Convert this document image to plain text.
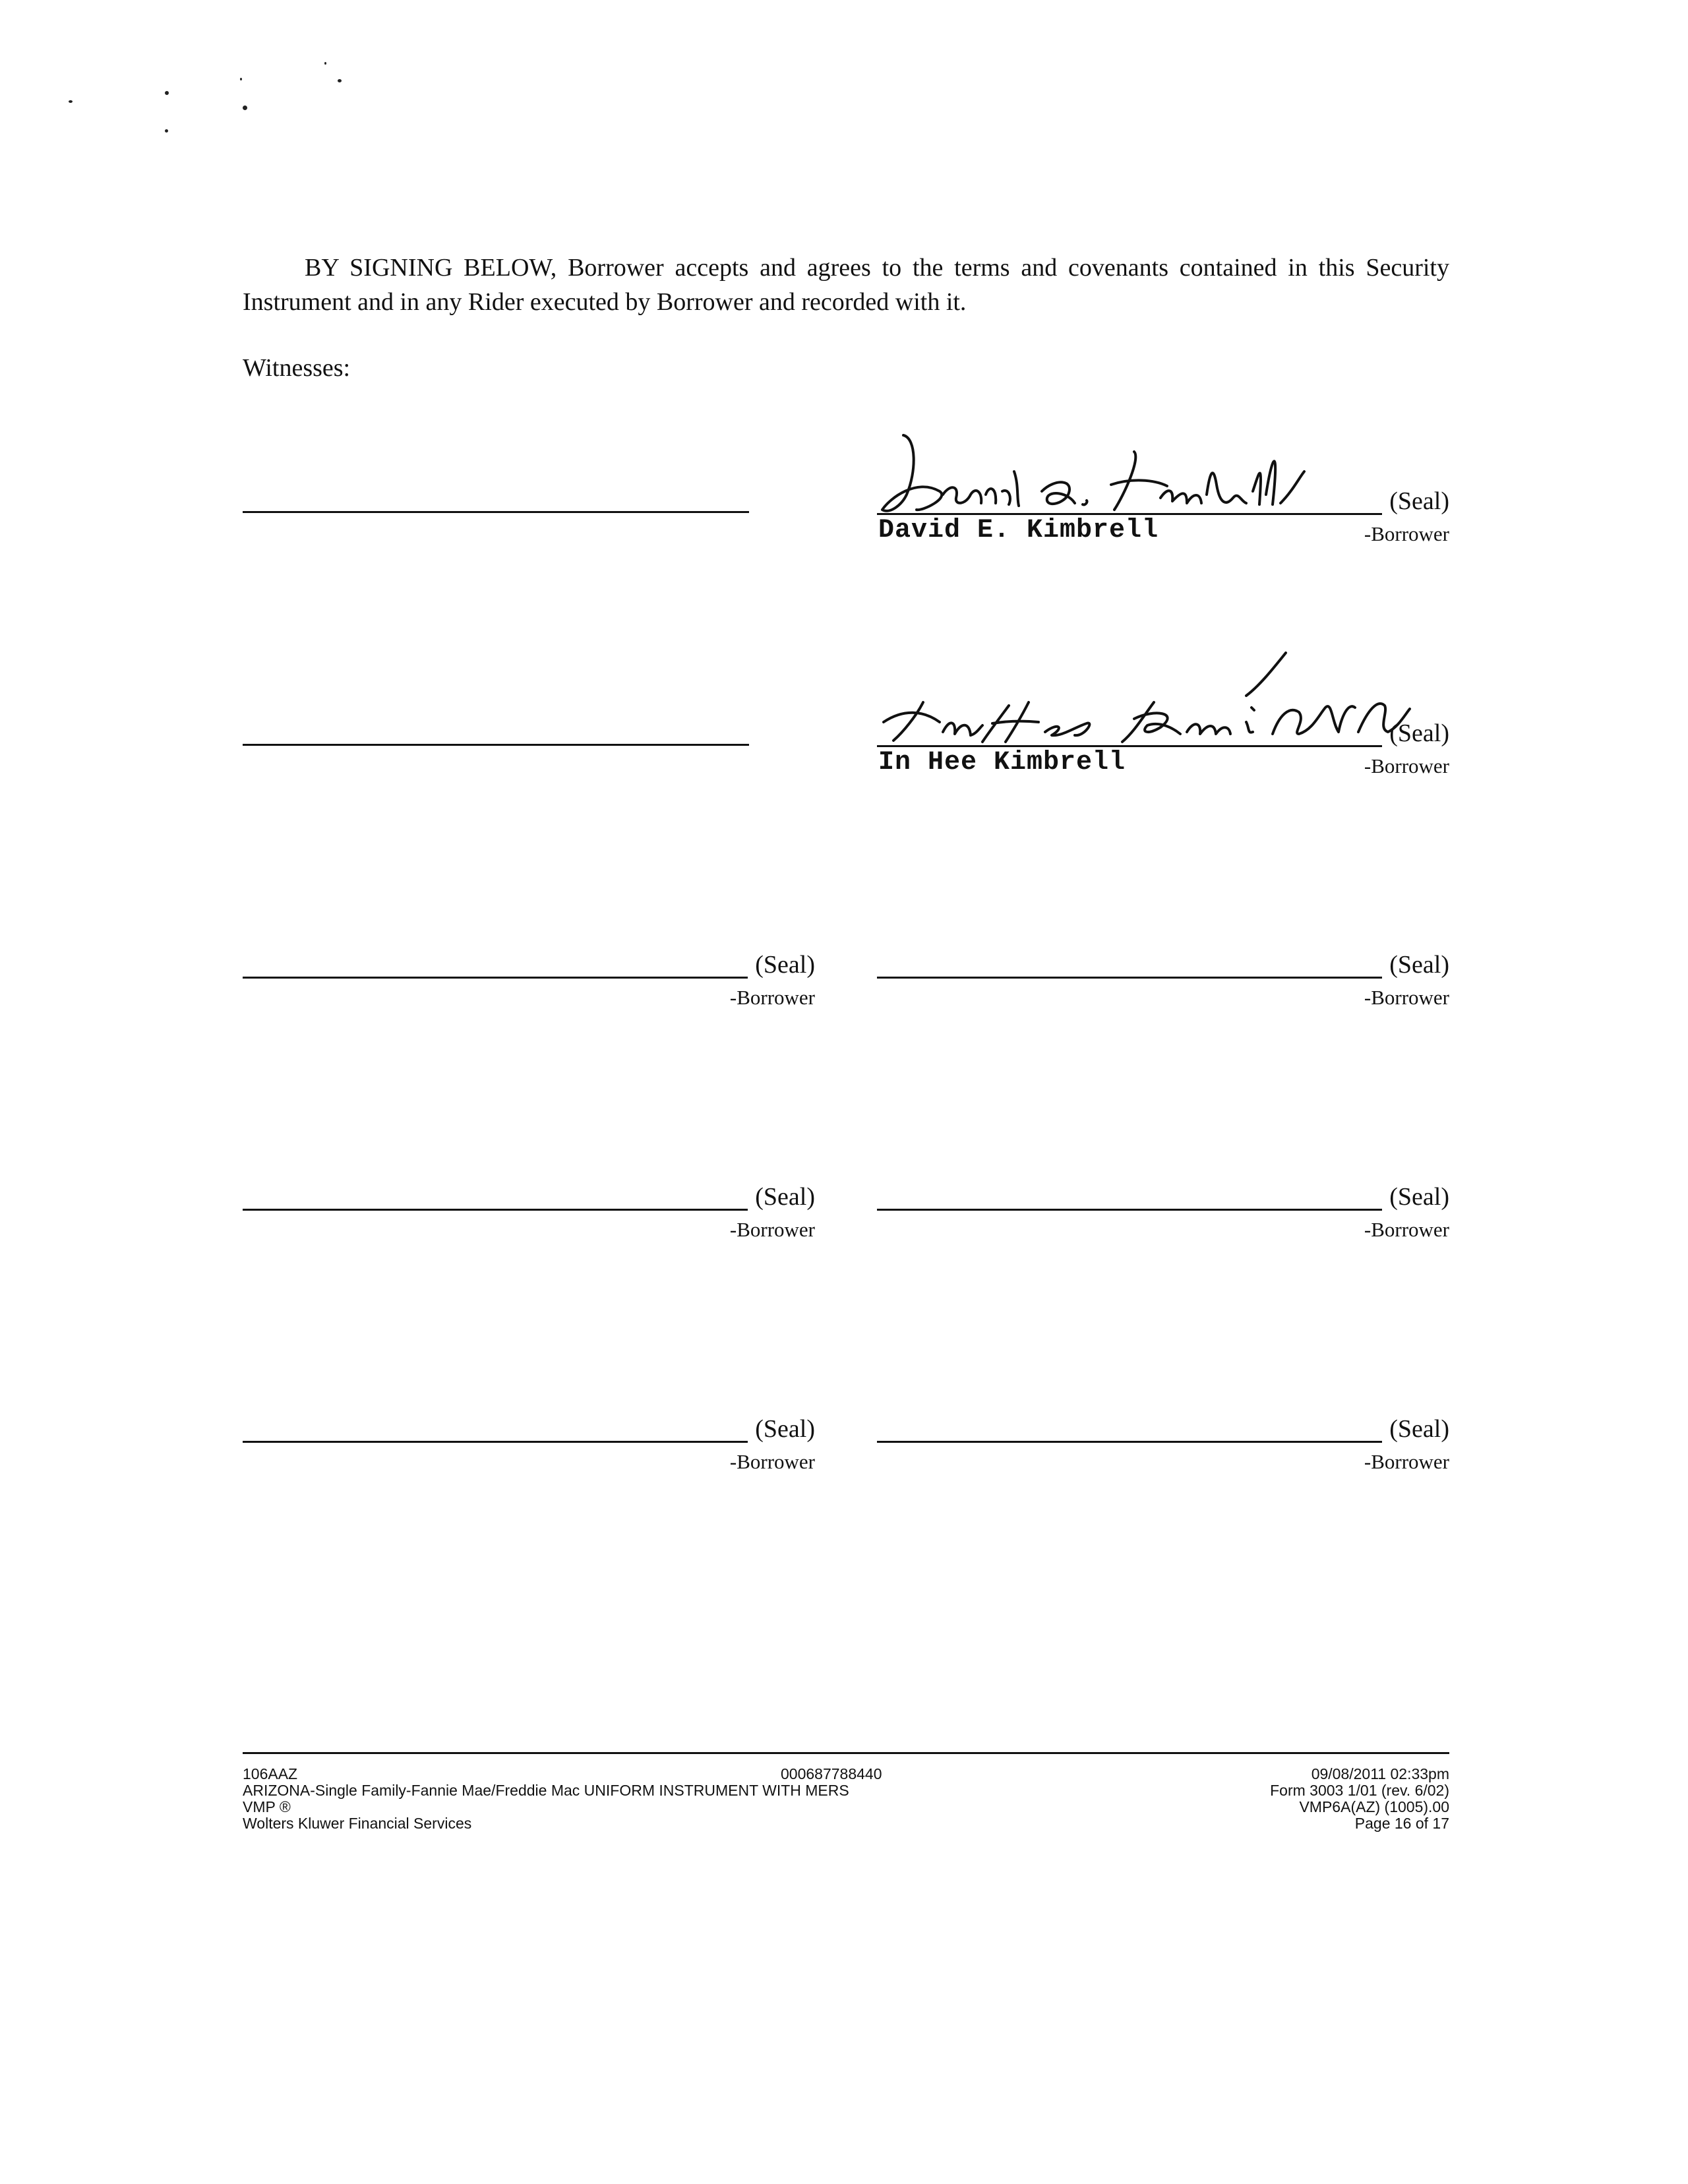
BY SIGNING BELOW, Borrower accepts and agrees to the terms and covenants contained in this Security Instrument and in any Rider executed by Borrower and recorded with it.

Witnesses:
(Seal)
David E. Kimbrell	-Borrower
(Seal)
In Hee Kimbrell	-Borrower
(Seal)
-Borrower
(Seal)
-Borrower
(Seal)
-Borrower
(Seal)
-Borrower
(Seal)
-Borrower
(Seal)
-Borrower
106AAZ
ARIZONA-Single Family-Fannie Mae/Freddie Mac UNIFORM INSTRUMENT WITH MERS
VMP ®
Wolters Kluwer Financial Services
000687788440	09/08/2011 02:33pm
Form 3003 1/01 (rev. 6/02)
VMP6A(AZ) (1005).00
Page 16 of 17
